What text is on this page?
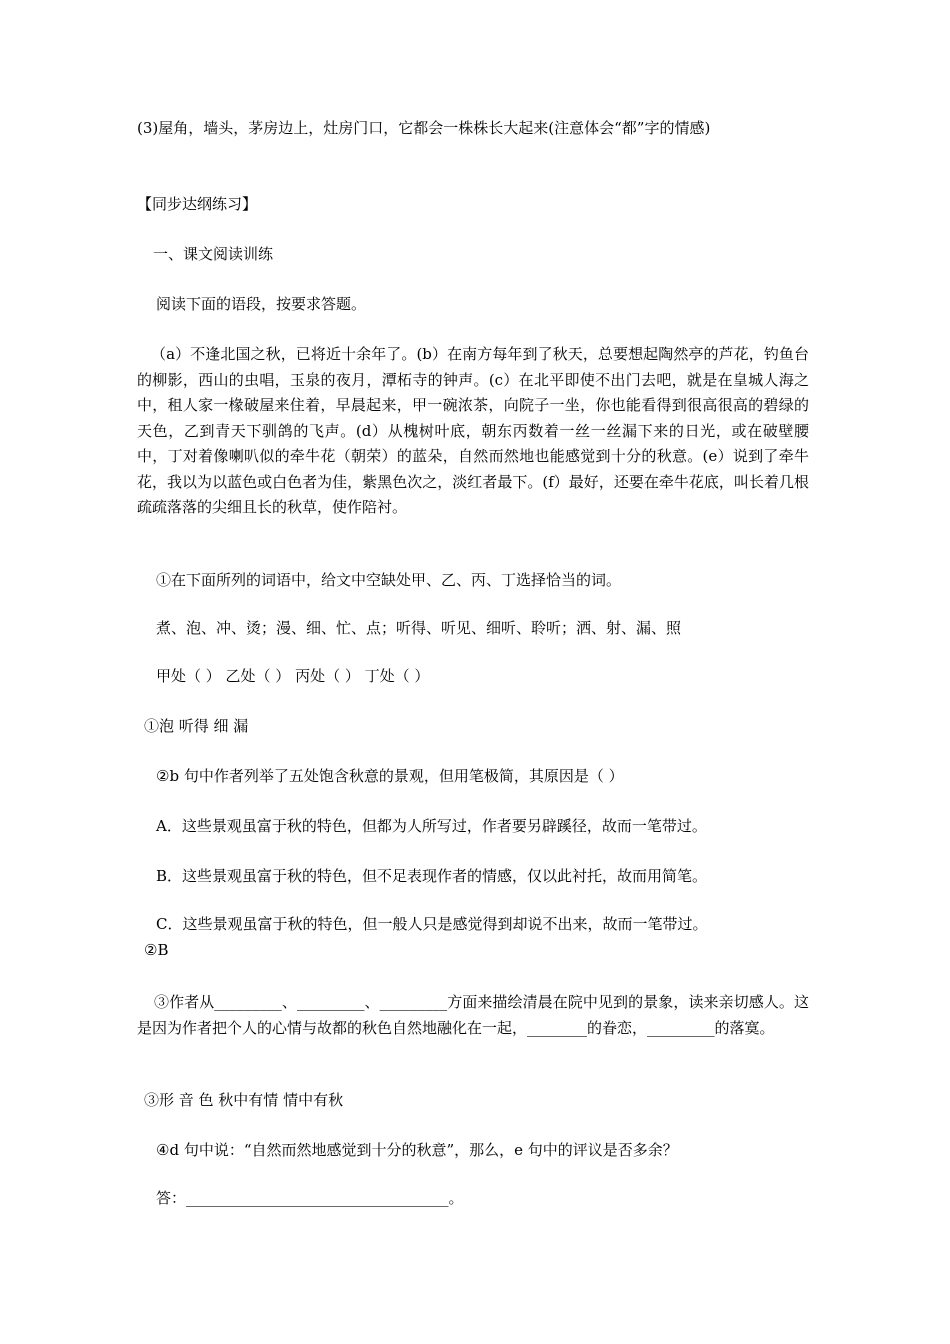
(3)屋角，墙头，茅房边上，灶房门口，它都会一株株长大起来(注意体会“都”字的情感)

【同步达纲练习】

一、课文阅读训练

阅读下面的语段，按要求答题。

（a）不逢北国之秋，已将近十余年了。(b）在南方每年到了秋天，总要想起陶然亭的芦花，钓鱼台的柳影，西山的虫唱，玉泉的夜月，潭柘寺的钟声。(c）在北平即使不出门去吧，就是在皇城人海之中，租人家一椽破屋来住着，早晨起来，甲一碗浓茶，向院子一坐，你也能看得到很高很高的碧绿的天色，乙到青天下驯鸽的飞声。(d）从槐树叶底，朝东丙数着一丝一丝漏下来的日光，或在破壁腰中，丁对着像喇叭似的牵牛花（朝荣）的蓝朵，自然而然地也能感觉到十分的秋意。(e）说到了牵牛花，我以为以蓝色或白色者为佳，紫黑色次之，淡红者最下。(f）最好，还要在牵牛花底，叫长着几根疏疏落落的尖细且长的秋草，使作陪衬。

①在下面所列的词语中，给文中空缺处甲、乙、丙、丁选择恰当的词。

煮、泡、冲、烫；漫、细、忙、点；听得、听见、细听、聆听；洒、射、漏、照

甲处（ ） 乙处（ ） 丙处（ ） 丁处（ ）

①泡 听得 细 漏

②b 句中作者列举了五处饱含秋意的景观，但用笔极简，其原因是（ ）

A．这些景观虽富于秋的特色，但都为人所写过，作者要另辟蹊径，故而一笔带过。

B．这些景观虽富于秋的特色，但不足表现作者的情感，仅以此衬托，故而用简笔。

C．这些景观虽富于秋的特色，但一般人只是感觉得到却说不出来，故而一笔带过。

②B

③作者从_________、_________、_________方面来描绘清晨在院中见到的景象，读来亲切感人。这是因为作者把个人的心情与故都的秋色自然地融化在一起，________的眷恋，_________的落寞。

③形 音 色 秋中有情 情中有秋

④d 句中说：“自然而然地感觉到十分的秋意”，那么，e 句中的评议是否多余？

答：___________________________________。
